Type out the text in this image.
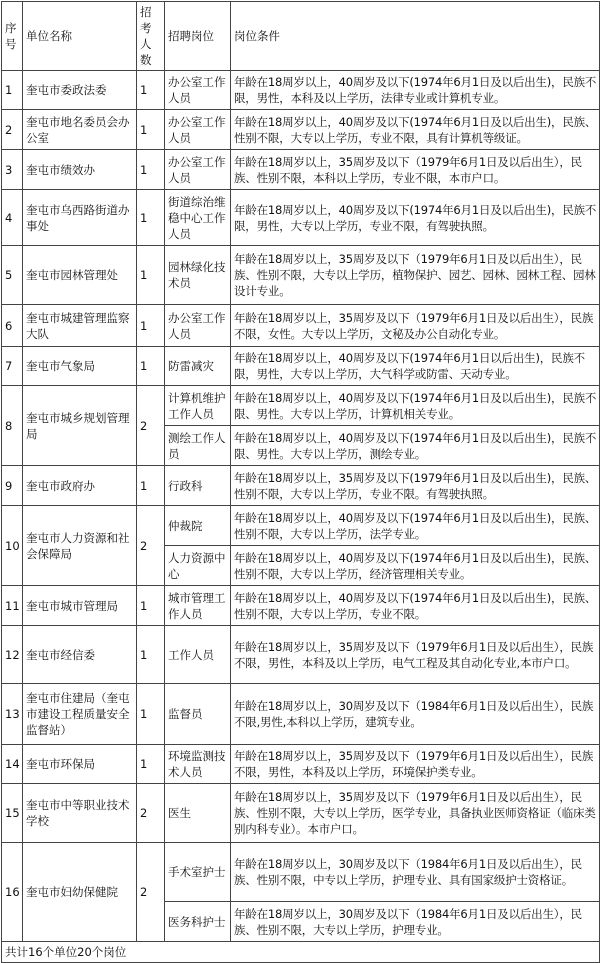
序号	单位名称	招考人数	招聘岗位	岗位条件
1	奎屯市委政法委	1	办公室工作人员	年龄在18周岁以上，40周岁及以下(1974年6月1日及以后出生)，民族不限，男性，本科及以上学历，法律专业或计算机专业。
2	奎屯市地名委员会办公室	1	办公室工作人员	年龄在18周岁以上，40周岁及以下(1974年6月1日及以后出生)，民族、性别不限，大专以上学历，专业不限，具有计算机等级证。
3	奎屯市绩效办	1	办公室工作人员	年龄在18周岁以上，35周岁及以下（1979年6月1日及以后出生），民族、性别不限，本科以上学历，专业不限，本市户口。
4	奎屯市乌西路街道办事处	1	街道综治维稳中心工作人员	年龄在18周岁以上，40周岁及以下(1974年6月1日及以后出生)，民族不限，男性，大专以上学历，专业不限，有驾驶执照。
5	奎屯市园林管理处	1	园林绿化技术员	年龄在18周岁以上，35周岁及以下（1979年6月1日及以后出生），民族、性别不限，大专以上学历，植物保护、园艺、园林、园林工程、园林设计专业。
6	奎屯市城建管理监察大队	1	办公室工作人员	年龄在18周岁以上，35周岁及以下（1979年6月1日及以后出生），民族不限，女性。大专以上学历，文秘及办公自动化专业。
7	奎屯市气象局	1	防雷减灾	年龄在18周岁以上，40周岁及以下(1974年6月1日以后出生)，民族不限，男性，大专以上学历，大气科学或防雷、天动专业。
8	奎屯市城乡规划管理局	2	计算机维护工作人员	年龄在18周岁以上，40周岁及以下(1974年6月1日及以后出生)，民族不限、男性。大专以上学历，计算机相关专业。
			测绘工作人员	年龄在18周岁以上，40周岁及以下(1974年6月1日及以后出生)，民族不限、男性。大专以上学历，测绘专业。
9	奎屯市政府办	1	行政科	年龄在18周岁以上，35周岁及以下(1979年6月1日及以后出生)，民族、性别不限，大专以上学历，专业不限。有驾驶执照。
10	奎屯市人力资源和社会保障局	2	仲裁院	年龄在18周岁以上，40周岁及以下(1974年6月1日及以后出生)，民族、性别不限，大专以上学历，法学专业。
			人力资源中心	年龄在18周岁以上，40周岁及以下(1974年6月1日及以后出生)，民族、性别不限，大专以上学历，经济管理相关专业。
11	奎屯市城市管理局	1	城市管理工作人员	年龄在18周岁以上，40周岁及以下(1974年6月1日及以后出生)，民族、性别不限，大专以上学历，专业不限。
12	奎屯市经信委	1	工作人员	年龄在18周岁以上，35周岁及以下（1979年6月1日及以后出生），民族不限，男性，本科及以上学历，电气工程及其自动化专业,本市户口。
13	奎屯市住建局（奎屯市建设工程质量安全监督站）	1	监督员	年龄在18周岁以上，30周岁及以下（1984年6月1日及以后出生），民族不限,男性,本科以上学历，建筑专业。
14	奎屯市环保局	1	环境监测技术人员	年龄在18周岁以上，35周岁及以下（1979年6月1日及以后出生），民族不限，男性，本科及以上学历，环境保护类专业。
15	奎屯市中等职业技术学校	2	医生	年龄在18周岁以上，35周岁及以下（1979年6月1日及以后出生），民族、性别不限，大专以上学历，医学专业，具备执业医师资格证（临床类别内科专业）。本市户口。
16	奎屯市妇幼保健院	2	手术室护士	年龄在18周岁以上，30周岁及以下（1984年6月1日及以后出生），民族、性别不限，中专以上学历，护理专业、具有国家级护士资格证。
			医务科护士	年龄在18周岁以上，30周岁及以下（1984年6月1日及以后出生），民族、性别不限，大专以上学历，护理专业。
共计16个单位20个岗位				
